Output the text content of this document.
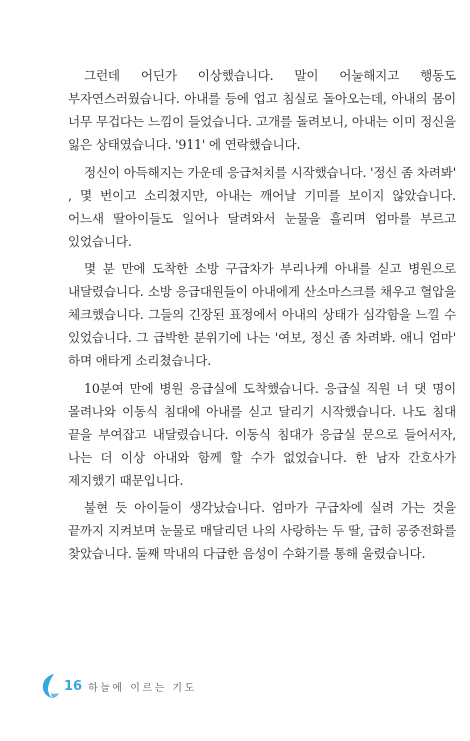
그런데 어딘가 이상했습니다. 말이 어눌해지고 행동도 부자연스러웠습니다. 아내를 등에 업고 침실로 돌아오는데, 아내의 몸이 너무 무겁다는 느낌이 들었습니다. 고개를 돌려보니, 아내는 이미 정신을 잃은 상태였습니다. '911' 에 연락했습니다.

정신이 아득해지는 가운데 응급처치를 시작했습니다. '정신 좀 차려봐' , 몇 번이고 소리쳤지만, 아내는 깨어날 기미를 보이지 않았습니다. 어느새 딸아이들도 일어나 달려와서 눈물을 흘리며 엄마를 부르고 있었습니다.

몇 분 만에 도착한 소방 구급차가 부리나케 아내를 싣고 병원으로 내달렸습니다. 소방 응급대원들이 아내에게 산소마스크를 채우고 혈압을 체크했습니다. 그들의 긴장된 표정에서 아내의 상태가 심각함을 느낄 수 있었습니다. 그 급박한 분위기에 나는 '여보, 정신 좀 차려봐. 애니 엄마' 하며 애타게 소리쳤습니다.

10분여 만에 병원 응급실에 도착했습니다. 응급실 직원 너 댓 명이 몰려나와 이동식 침대에 아내를 싣고 달리기 시작했습니다. 나도 침대 끝을 부여잡고 내달렸습니다. 이동식 침대가 응급실 문으로 들어서자, 나는 더 이상 아내와 함께 할 수가 없었습니다. 한 남자 간호사가 제지했기 때문입니다.

불현 듯 아이들이 생각났습니다. 엄마가 구급차에 실려 가는 것을 끝까지 지켜보며 눈물로 매달리던 나의 사랑하는 두 딸, 급히 공중전화를 찾았습니다. 둘째 막내의 다급한 음성이 수화기를 통해 울렸습니다.

16 하늘에 이르는 기도
